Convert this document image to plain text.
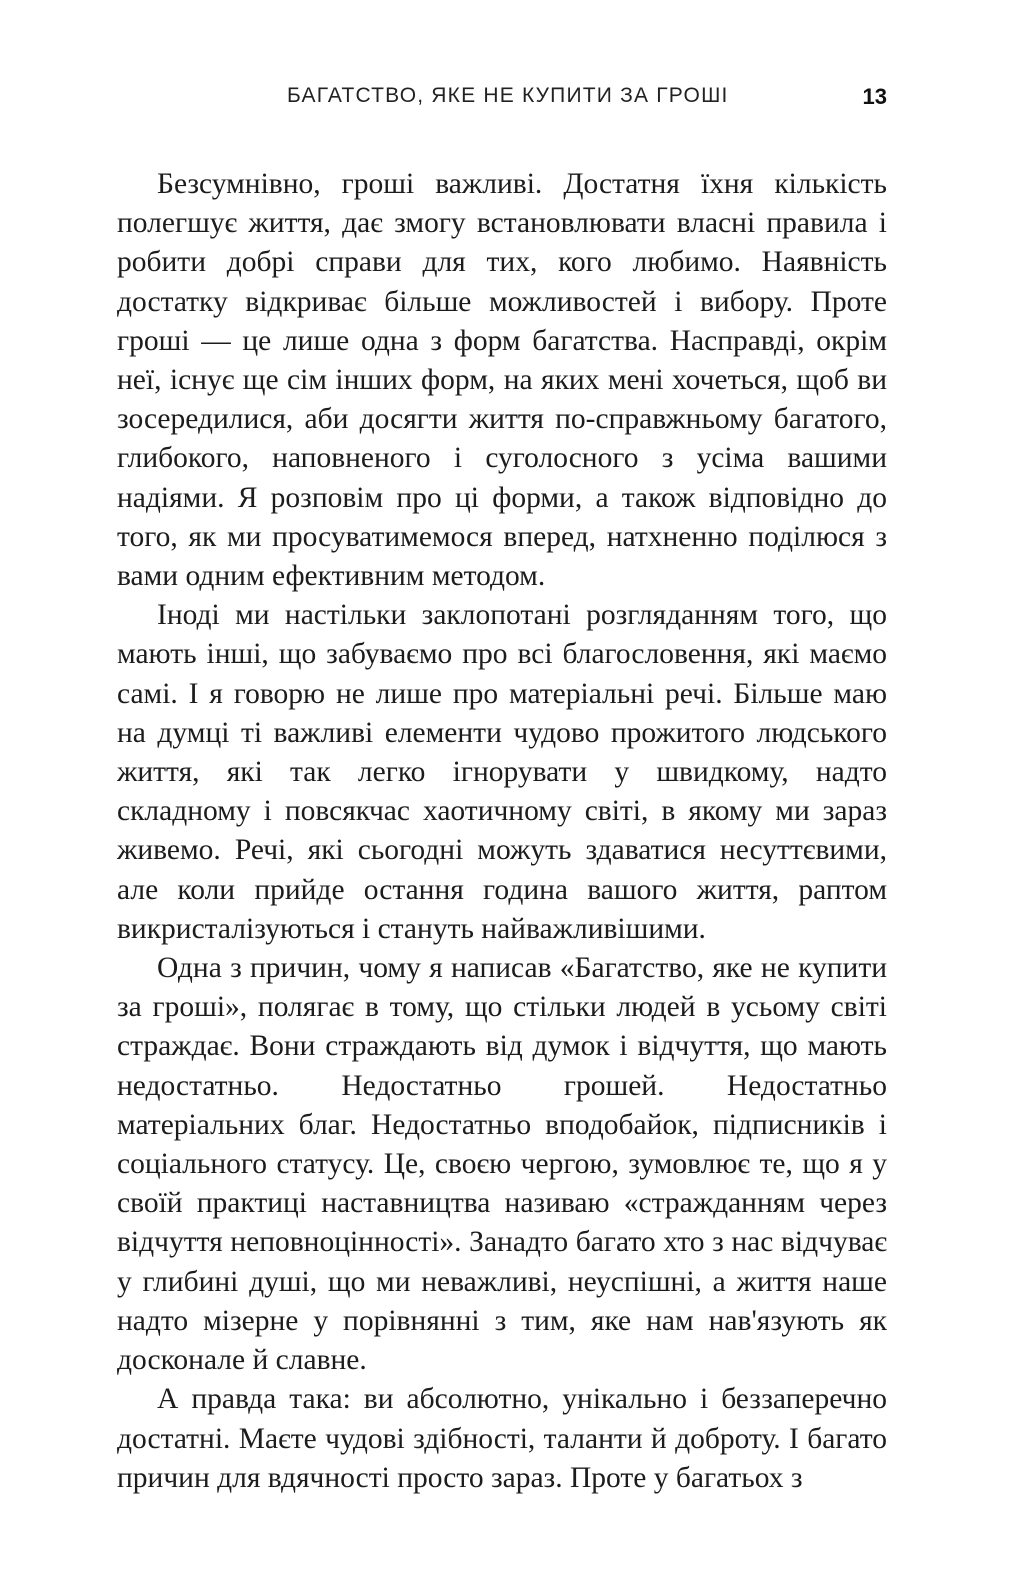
БАГАТСТВО, ЯКЕ НЕ КУПИТИ ЗА ГРОШІ	13

Безсумнівно, гроші важливі. Достатня їхня кількість полегшує життя, дає змогу встановлювати власні правила і робити добрі справи для тих, кого любимо. Наявність достатку відкриває більше можливостей і вибору. Проте гроші — це лише одна з форм багатства. Насправді, окрім неї, існує ще сім інших форм, на яких мені хочеться, щоб ви зосередилися, аби досягти життя по-справжньому багатого, глибокого, наповненого і суголосного з усіма вашими надіями. Я розповім про ці форми, а також відповідно до того, як ми просуватимемося вперед, натхненно поділюся з вами одним ефективним методом.

Іноді ми настільки заклопотані розгляданням того, що мають інші, що забуваємо про всі благословення, які маємо самі. І я говорю не лише про матеріальні речі. Більше маю на думці ті важливі елементи чудово прожитого людського життя, які так легко ігнорувати у швидкому, надто складному і повсякчас хаотичному світі, в якому ми зараз живемо. Речі, які сьогодні можуть здаватися несуттєвими, але коли прийде остання година вашого життя, раптом викристалізуються і стануть найважливішими.

Одна з причин, чому я написав «Багатство, яке не купити за гроші», полягає в тому, що стільки людей в усьому світі страждає. Вони страждають від думок і відчуття, що мають недостатньо. Недостатньо грошей. Недостатньо матеріальних благ. Недостатньо вподобайок, підписників і соціального статусу. Це, своєю чергою, зумовлює те, що я у своїй практиці наставництва називаю «стражданням через відчуття неповноцінності». Занадто багато хто з нас відчуває у глибині душі, що ми неважливі, неуспішні, а життя наше надто мізерне у порівнянні з тим, яке нам нав'язують як досконале й славне.

А правда така: ви абсолютно, унікально і беззаперечно достатні. Маєте чудові здібності, таланти й доброту. І багато причин для вдячності просто зараз. Проте у багатьох з
